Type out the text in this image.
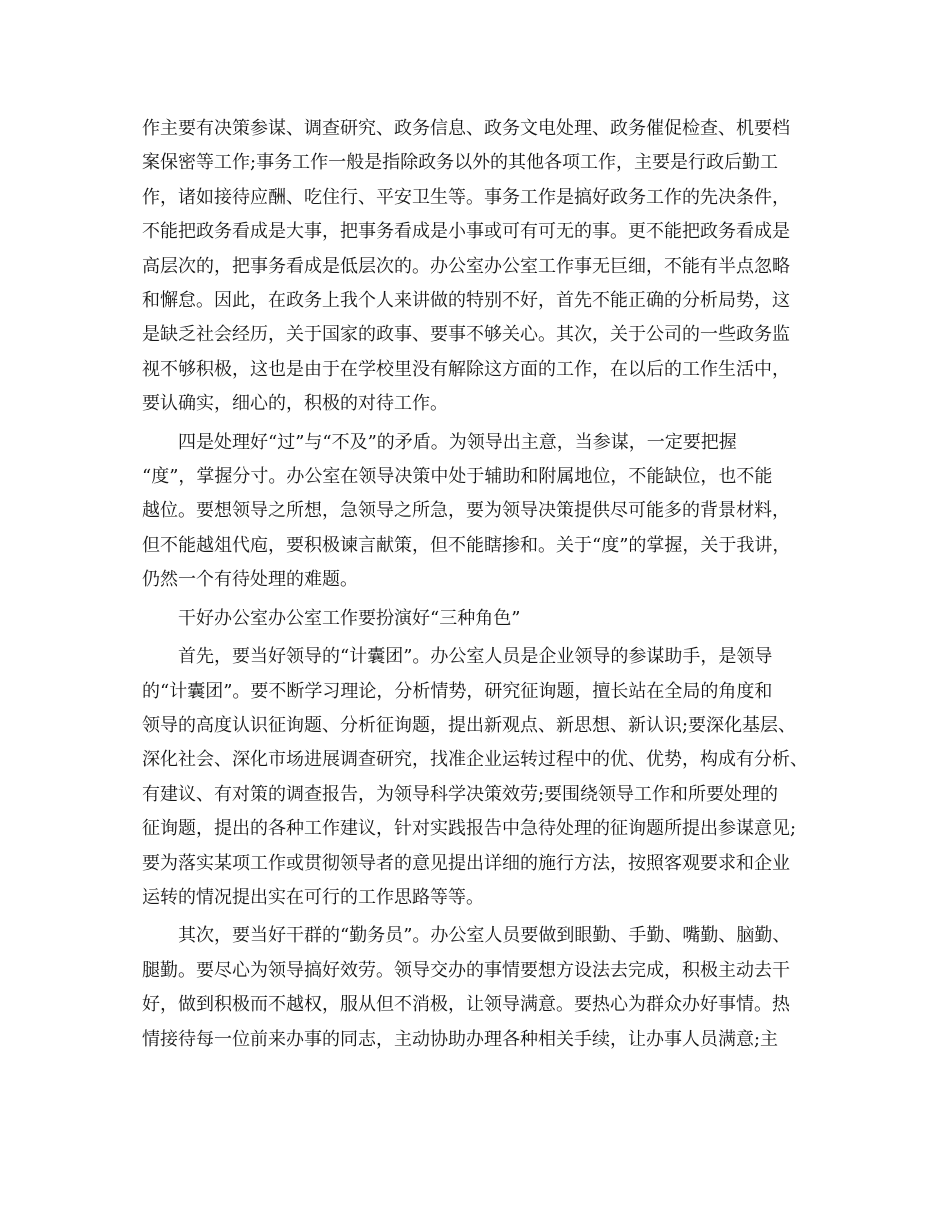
作主要有决策参谋、调查研究、政务信息、政务文电处理、政务催促检查、机要档
案保密等工作;事务工作一般是指除政务以外的其他各项工作，主要是行政后勤工
作，诸如接待应酬、吃住行、平安卫生等。事务工作是搞好政务工作的先决条件，
不能把政务看成是大事，把事务看成是小事或可有可无的事。更不能把政务看成是
高层次的，把事务看成是低层次的。办公室办公室工作事无巨细，不能有半点忽略
和懈怠。因此，在政务上我个人来讲做的特别不好，首先不能正确的分析局势，这
是缺乏社会经历，关于国家的政事、要事不够关心。其次，关于公司的一些政务监
视不够积极，这也是由于在学校里没有解除这方面的工作，在以后的工作生活中，
要认确实，细心的，积极的对待工作。
四是处理好“过”与“不及”的矛盾。为领导出主意，当参谋，一定要把握
“度”，掌握分寸。办公室在领导决策中处于辅助和附属地位，不能缺位，也不能
越位。要想领导之所想，急领导之所急，要为领导决策提供尽可能多的背景材料，
但不能越俎代庖，要积极谏言献策，但不能瞎掺和。关于“度”的掌握，关于我讲，
仍然一个有待处理的难题。
干好办公室办公室工作要扮演好“三种角色”
首先，要当好领导的“计囊团”。办公室人员是企业领导的参谋助手，是领导
的“计囊团”。要不断学习理论，分析情势，研究征询题，擅长站在全局的角度和
领导的高度认识征询题、分析征询题，提出新观点、新思想、新认识;要深化基层、
深化社会、深化市场进展调查研究，找准企业运转过程中的优、优势，构成有分析、
有建议、有对策的调查报告，为领导科学决策效劳;要围绕领导工作和所要处理的
征询题，提出的各种工作建议，针对实践报告中急待处理的征询题所提出参谋意见;
要为落实某项工作或贯彻领导者的意见提出详细的施行方法，按照客观要求和企业
运转的情况提出实在可行的工作思路等等。
其次，要当好干群的“勤务员”。办公室人员要做到眼勤、手勤、嘴勤、脑勤、
腿勤。要尽心为领导搞好效劳。领导交办的事情要想方设法去完成，积极主动去干
好，做到积极而不越权，服从但不消极，让领导满意。要热心为群众办好事情。热
情接待每一位前来办事的同志，主动协助办理各种相关手续，让办事人员满意;主
